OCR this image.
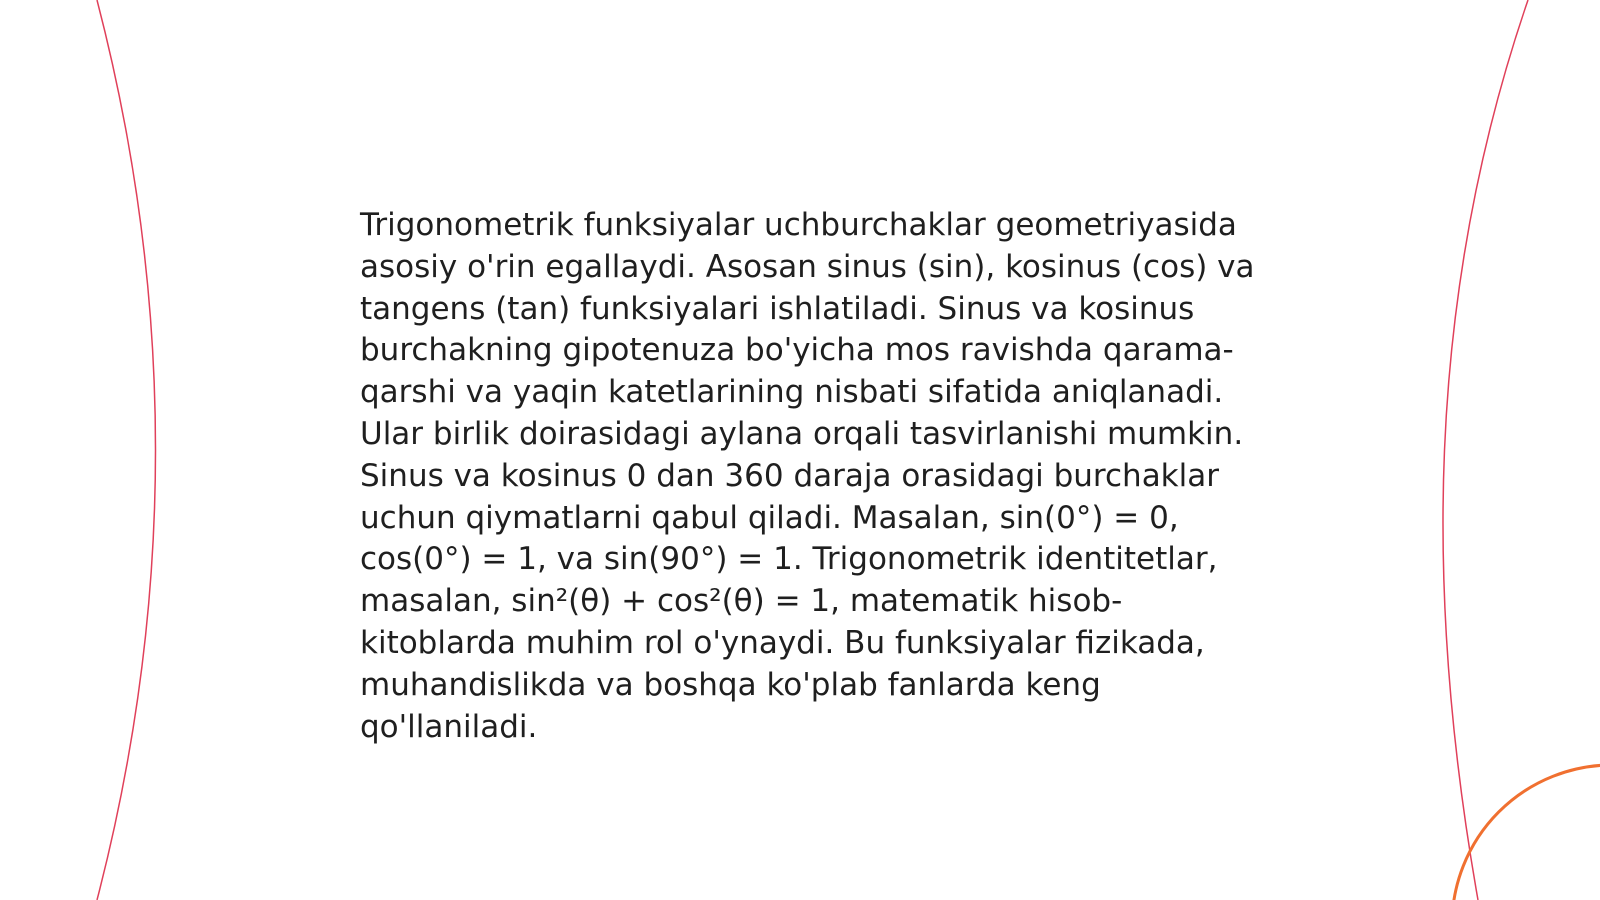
Trigonometrik funksiyalar uchburchaklar geometriyasida asosiy o'rin egallaydi. Asosan sinus (sin), kosinus (cos) va tangens (tan) funksiyalari ishlatiladi. Sinus va kosinus burchakning gipotenuza bo'yicha mos ravishda qarama-qarshi va yaqin katetlarining nisbati sifatida aniqlanadi. Ular birlik doirasidagi aylana orqali tasvirlanishi mumkin. Sinus va kosinus 0 dan 360 daraja orasidagi burchaklar uchun qiymatlarni qabul qiladi. Masalan, sin(0°) = 0, cos(0°) = 1, va sin(90°) = 1. Trigonometrik identitetlar, masalan, sin²(θ) + cos²(θ) = 1, matematik hisob-kitoblarda muhim rol o'ynaydi. Bu funksiyalar fizikada, muhandislikda va boshqa ko'plab fanlarda keng qo'llaniladi.
